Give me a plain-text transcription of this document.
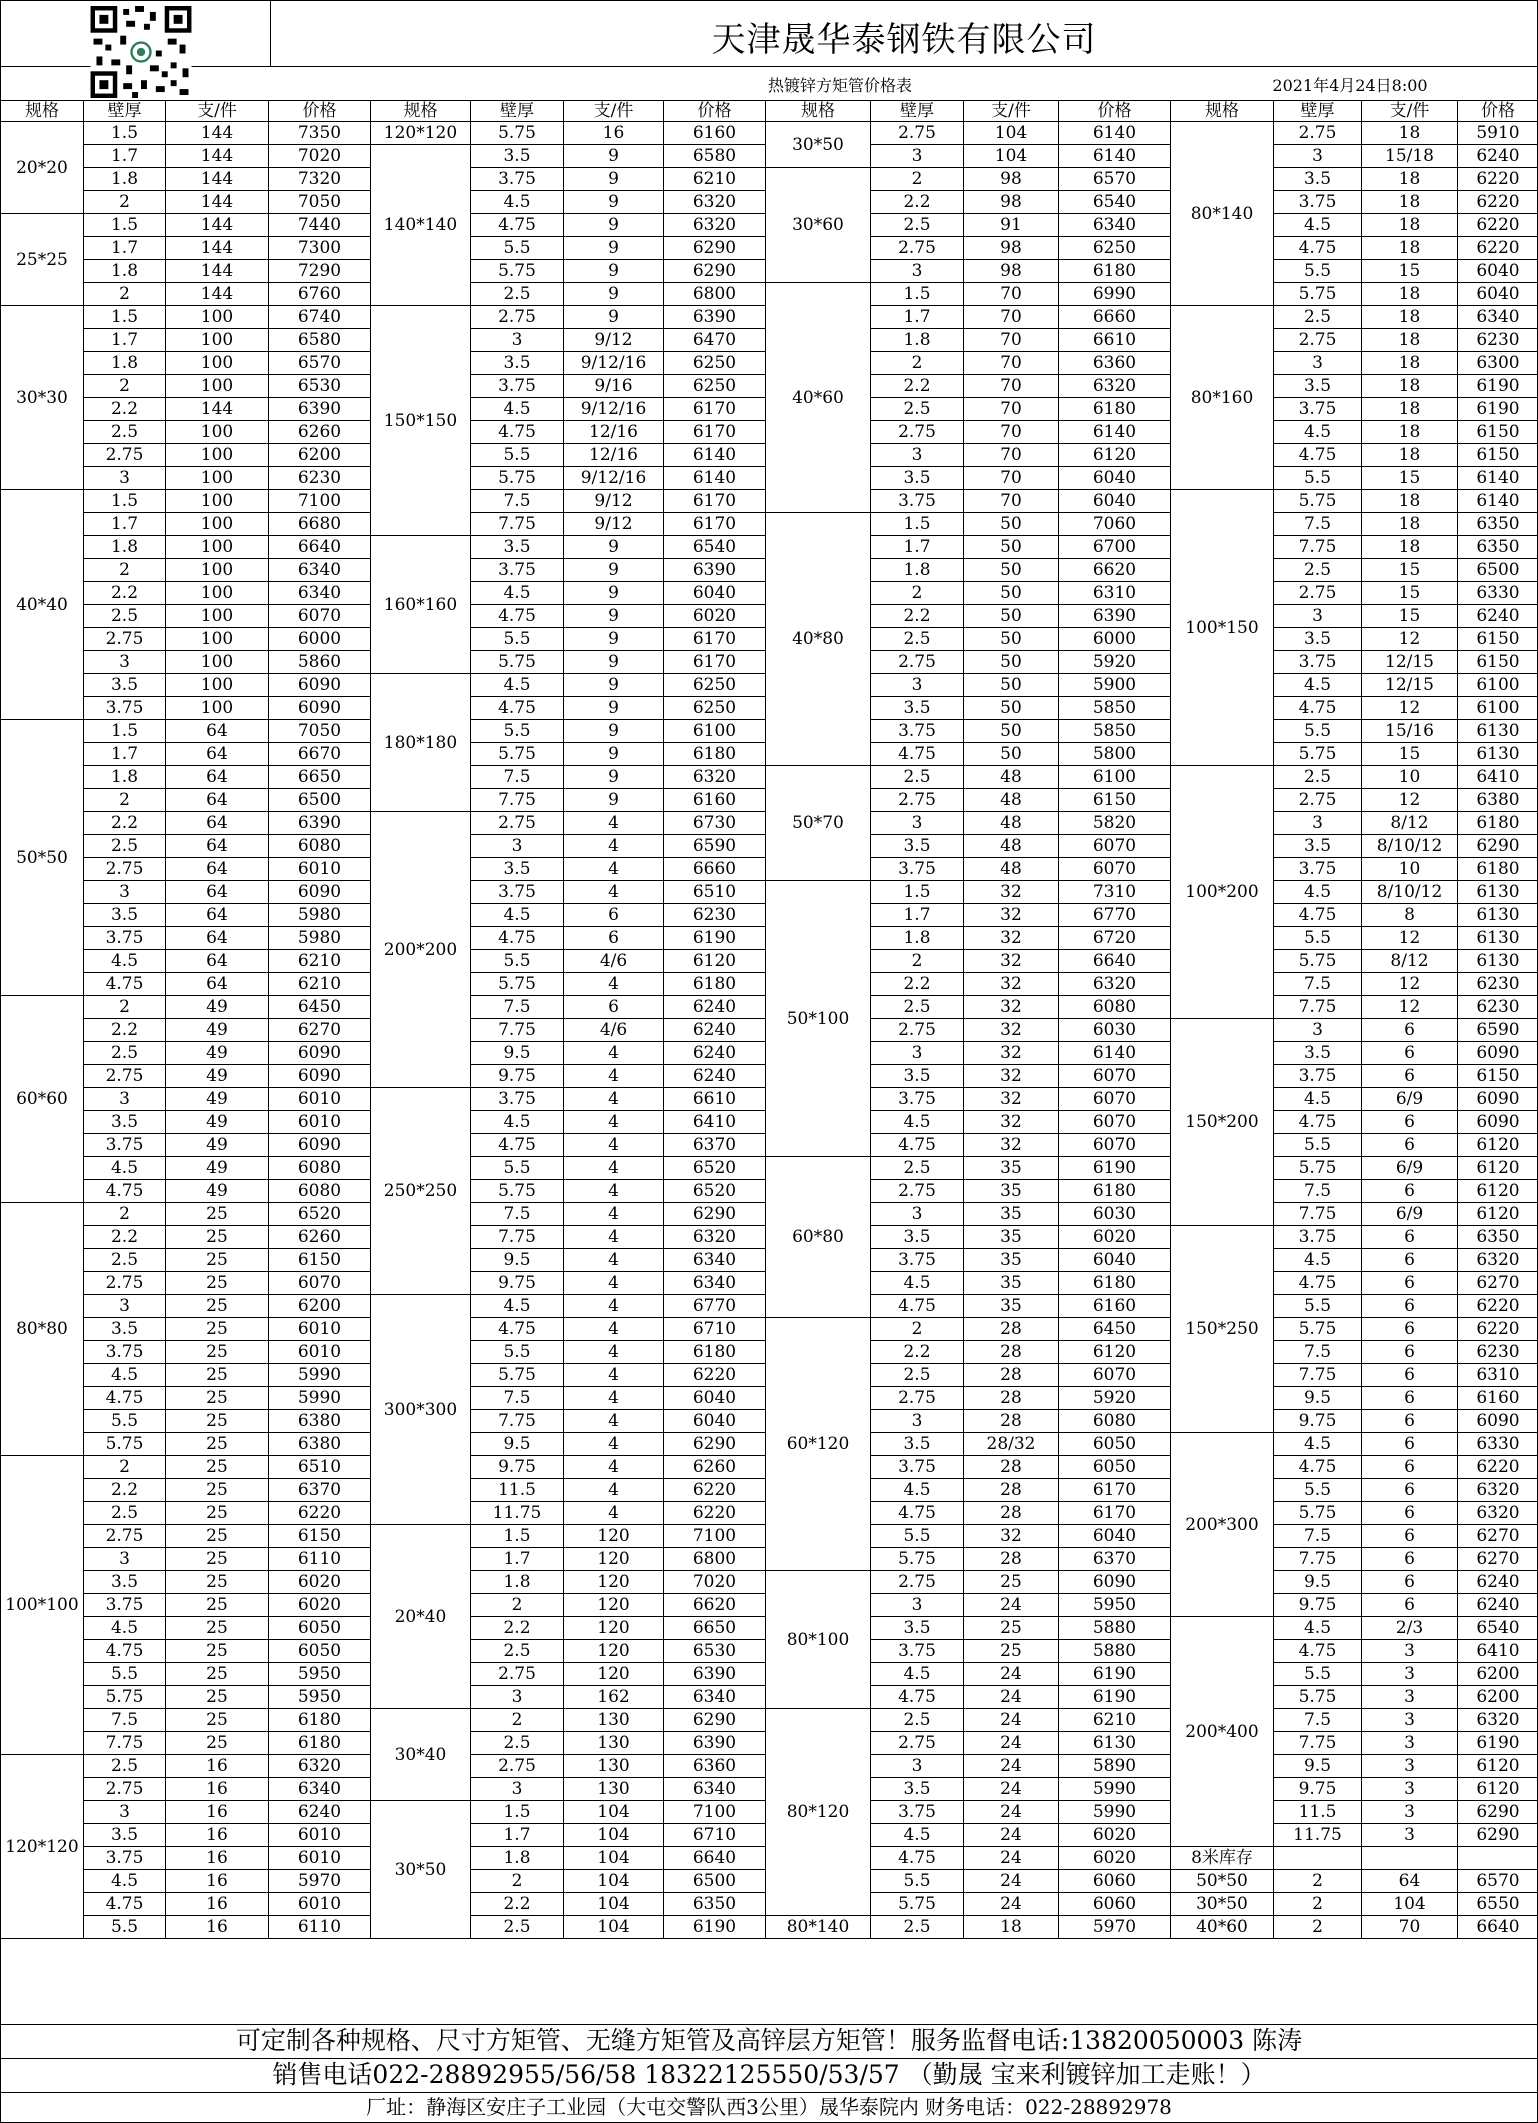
天津晟华泰钢铁有限公司
热镀锌方矩管价格表	2021年4月24日8:00
规格	壁厚	支/件	价格	规格	壁厚	支/件	价格	规格	壁厚	支/件	价格	规格	壁厚	支/件	价格
20*20	1.5	144	7350	120*120	5.75	16	6160	30*50	2.75	104	6140	80*140	2.75	18	5910
	1.7	144	7020	140*140	3.5	9	6580		3	104	6140		3	15/18	6240
	1.8	144	7320		3.75	9	6210	30*60	2	98	6570		3.5	18	6220
	2	144	7050		4.5	9	6320		2.2	98	6540		3.75	18	6220
25*25	1.5	144	7440		4.75	9	6320		2.5	91	6340		4.5	18	6220
	1.7	144	7300		5.5	9	6290		2.75	98	6250		4.75	18	6220
	1.8	144	7290		5.75	9	6290		3	98	6180		5.5	15	6040
	2	144	6760		2.5	9	6800	40*60	1.5	70	6990		5.75	18	6040
30*30	1.5	100	6740	150*150	2.75	9	6390		1.7	70	6660	80*160	2.5	18	6340
	1.7	100	6580		3	9/12	6470		1.8	70	6610		2.75	18	6230
	1.8	100	6570		3.5	9/12/16	6250		2	70	6360		3	18	6300
	2	100	6530		3.75	9/16	6250		2.2	70	6320		3.5	18	6190
	2.2	144	6390		4.5	9/12/16	6170		2.5	70	6180		3.75	18	6190
	2.5	100	6260		4.75	12/16	6170		2.75	70	6140		4.5	18	6150
	2.75	100	6200		5.5	12/16	6140		3	70	6120		4.75	18	6150
	3	100	6230		5.75	9/12/16	6140		3.5	70	6040		5.5	15	6140
40*40	1.5	100	7100		7.5	9/12	6170		3.75	70	6040	100*150	5.75	18	6140
	1.7	100	6680		7.75	9/12	6170	40*80	1.5	50	7060		7.5	18	6350
	1.8	100	6640	160*160	3.5	9	6540		1.7	50	6700		7.75	18	6350
	2	100	6340		3.75	9	6390		1.8	50	6620		2.5	15	6500
	2.2	100	6340		4.5	9	6040		2	50	6310		2.75	15	6330
	2.5	100	6070		4.75	9	6020		2.2	50	6390		3	15	6240
	2.75	100	6000		5.5	9	6170		2.5	50	6000		3.5	12	6150
	3	100	5860		5.75	9	6170		2.75	50	5920		3.75	12/15	6150
	3.5	100	6090	180*180	4.5	9	6250		3	50	5900		4.5	12/15	6100
	3.75	100	6090		4.75	9	6250		3.5	50	5850		4.75	12	6100
50*50	1.5	64	7050		5.5	9	6100		3.75	50	5850		5.5	15/16	6130
	1.7	64	6670		5.75	9	6180		4.75	50	5800		5.75	15	6130
	1.8	64	6650		7.5	9	6320	50*70	2.5	48	6100	100*200	2.5	10	6410
	2	64	6500		7.75	9	6160		2.75	48	6150		2.75	12	6380
	2.2	64	6390	200*200	2.75	4	6730		3	48	5820		3	8/12	6180
	2.5	64	6080		3	4	6590		3.5	48	6070		3.5	8/10/12	6290
	2.75	64	6010		3.5	4	6660		3.75	48	6070		3.75	10	6180
	3	64	6090		3.75	4	6510	50*100	1.5	32	7310		4.5	8/10/12	6130
	3.5	64	5980		4.5	6	6230		1.7	32	6770		4.75	8	6130
	3.75	64	5980		4.75	6	6190		1.8	32	6720		5.5	12	6130
	4.5	64	6210		5.5	4/6	6120		2	32	6640		5.75	8/12	6130
	4.75	64	6210		5.75	4	6180		2.2	32	6320		7.5	12	6230
60*60	2	49	6450		7.5	6	6240		2.5	32	6080		7.75	12	6230
	2.2	49	6270		7.75	4/6	6240		2.75	32	6030	150*200	3	6	6590
	2.5	49	6090		9.5	4	6240		3	32	6140		3.5	6	6090
	2.75	49	6090		9.75	4	6240		3.5	32	6070		3.75	6	6150
	3	49	6010	250*250	3.75	4	6610		3.75	32	6070		4.5	6/9	6090
	3.5	49	6010		4.5	4	6410		4.5	32	6070		4.75	6	6090
	3.75	49	6090		4.75	4	6370		4.75	32	6070		5.5	6	6120
	4.5	49	6080		5.5	4	6520	60*80	2.5	35	6190		5.75	6/9	6120
	4.75	49	6080		5.75	4	6520		2.75	35	6180		7.5	6	6120
80*80	2	25	6520		7.5	4	6290		3	35	6030		7.75	6/9	6120
	2.2	25	6260		7.75	4	6320		3.5	35	6020	150*250	3.75	6	6350
	2.5	25	6150		9.5	4	6340		3.75	35	6040		4.5	6	6320
	2.75	25	6070		9.75	4	6340		4.5	35	6180		4.75	6	6270
	3	25	6200	300*300	4.5	4	6770		4.75	35	6160		5.5	6	6220
	3.5	25	6010		4.75	4	6710	60*120	2	28	6450		5.75	6	6220
	3.75	25	6010		5.5	4	6180		2.2	28	6120		7.5	6	6230
	4.5	25	5990		5.75	4	6220		2.5	28	6070		7.75	6	6310
	4.75	25	5990		7.5	4	6040		2.75	28	5920		9.5	6	6160
	5.5	25	6380		7.75	4	6040		3	28	6080		9.75	6	6090
	5.75	25	6380		9.5	4	6290		3.5	28/32	6050	200*300	4.5	6	6330
100*100	2	25	6510		9.75	4	6260		3.75	28	6050		4.75	6	6220
	2.2	25	6370		11.5	4	6220		4.5	28	6170		5.5	6	6320
	2.5	25	6220		11.75	4	6220		4.75	28	6170		5.75	6	6320
	2.75	25	6150	20*40	1.5	120	7100		5.5	32	6040		7.5	6	6270
	3	25	6110		1.7	120	6800		5.75	28	6370		7.75	6	6270
	3.5	25	6020		1.8	120	7020	80*100	2.75	25	6090		9.5	6	6240
	3.75	25	6020		2	120	6620		3	24	5950		9.75	6	6240
	4.5	25	6050		2.2	120	6650		3.5	25	5880	200*400	4.5	2/3	6540
	4.75	25	6050		2.5	120	6530		3.75	25	5880		4.75	3	6410
	5.5	25	5950		2.75	120	6390		4.5	24	6190		5.5	3	6200
	5.75	25	5950		3	162	6340		4.75	24	6190		5.75	3	6200
	7.5	25	6180	30*40	2	130	6290	80*120	2.5	24	6210		7.5	3	6320
	7.75	25	6180		2.5	130	6390		2.75	24	6130		7.75	3	6190
120*120	2.5	16	6320		2.75	130	6360		3	24	5890		9.5	3	6120
	2.75	16	6340		3	130	6340		3.5	24	5990		9.75	3	6120
	3	16	6240	30*50	1.5	104	7100		3.75	24	5990		11.5	3	6290
	3.5	16	6010		1.7	104	6710		4.5	24	6020		11.75	3	6290
	3.75	16	6010		1.8	104	6640		4.75	24	6020	8米库存			
	4.5	16	5970		2	104	6500		5.5	24	6060	50*50	2	64	6570
	4.75	16	6010		2.2	104	6350		5.75	24	6060	30*50	2	104	6550
	5.5	16	6110		2.5	104	6190	80*140	2.5	18	5970	40*60	2	70	6640
可定制各种规格、尺寸方矩管、无缝方矩管及高锌层方矩管！服务监督电话:13820050003 陈涛
销售电话022-28892955/56/58 18322125550/53/57 （勤晟 宝来利镀锌加工走账！）
厂址：静海区安庄子工业园（大屯交警队西3公里）晟华泰院内 财务电话：022-28892978
